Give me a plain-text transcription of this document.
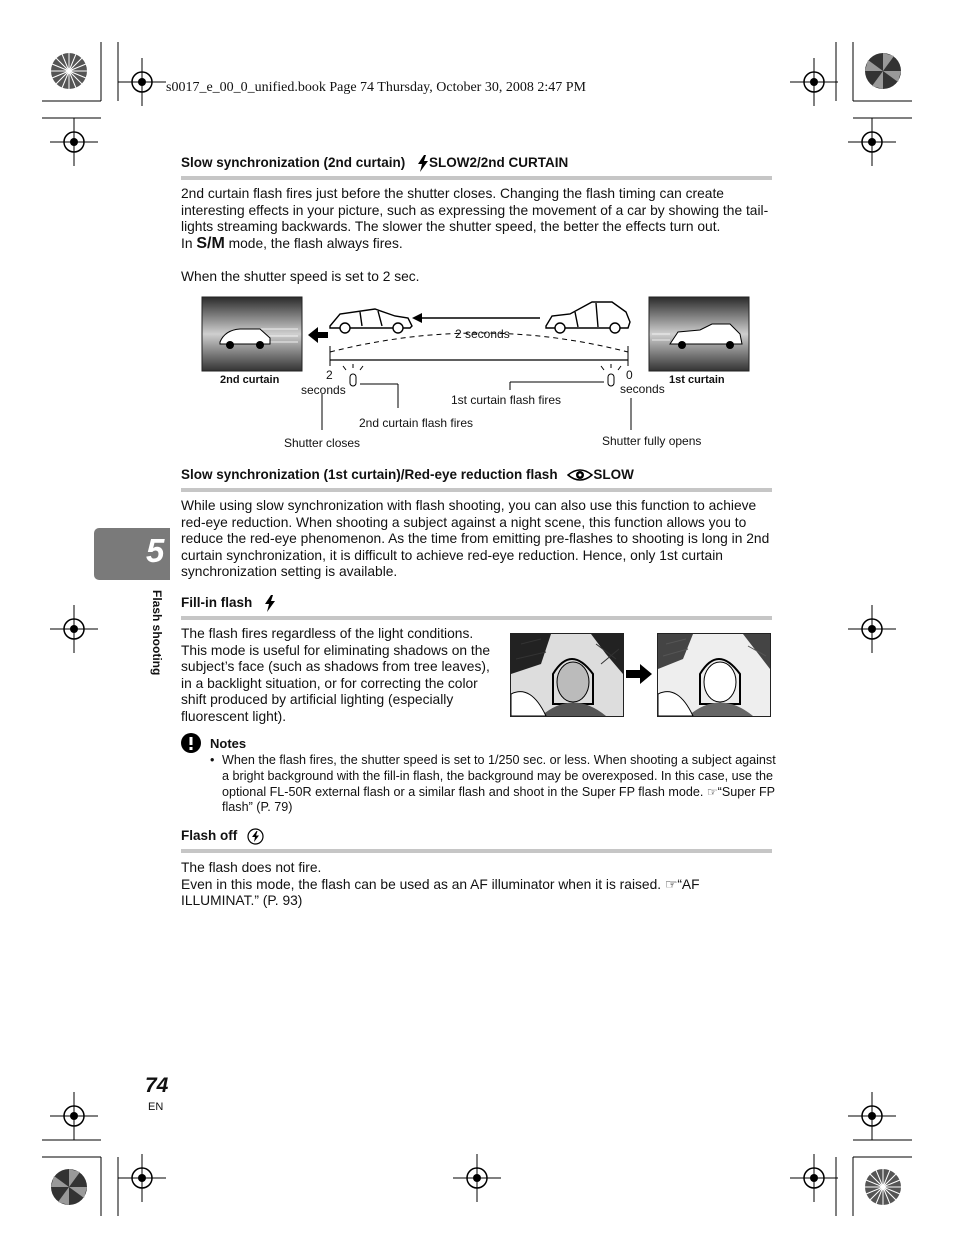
s0017_e_00_0_unified.book Page 74 Thursday, October 30, 2008 2:47 PM
5
Flash shooting
Slow synchronization (2nd curtain) SLOW2/2nd CURTAIN

2nd curtain flash fires just before the shutter closes. Changing the flash timing can create interesting effects in your picture, such as expressing the movement of a car by showing the tail-lights streaming backwards. The slower the shutter speed, the better the effects turn out.

In S/M mode, the flash always fires.

When the shutter speed is set to 2 sec.
2 seconds
2nd curtain	1st curtain
2
seconds
0
seconds
1st curtain flash fires
2nd curtain flash fires
Shutter closes	Shutter fully opens
Slow synchronization (1st curtain)/Red-eye reduction flash	SLOW
While using slow synchronization with flash shooting, you can also use this function to achieve red-eye reduction. When shooting a subject against a night scene, this function allows you to reduce the red-eye phenomenon. As the time from emitting pre-flashes to shooting is long in 2nd curtain synchronization, it is difficult to achieve red-eye reduction. Hence, only 1st curtain synchronization setting is available.
Fill-in flash
The flash fires regardless of the light conditions. This mode is useful for eliminating shadows on the subject’s face (such as shadows from tree leaves), in a backlight situation, or for correcting the color shift produced by artificial lighting (especially fluorescent light).
Notes
• When the flash fires, the shutter speed is set to 1/250 sec. or less. When shooting a subject against a bright background with the fill-in flash, the background may be overexposed. In this case, use the optional FL-50R external flash or a similar flash and shoot in the Super FP flash mode. ☞“Super FP flash” (P. 79)
Flash off

The flash does not fire.

Even in this mode, the flash can be used as an AF illuminator when it is raised. ☞“AF ILLUMINAT.” (P. 93)

74
EN
